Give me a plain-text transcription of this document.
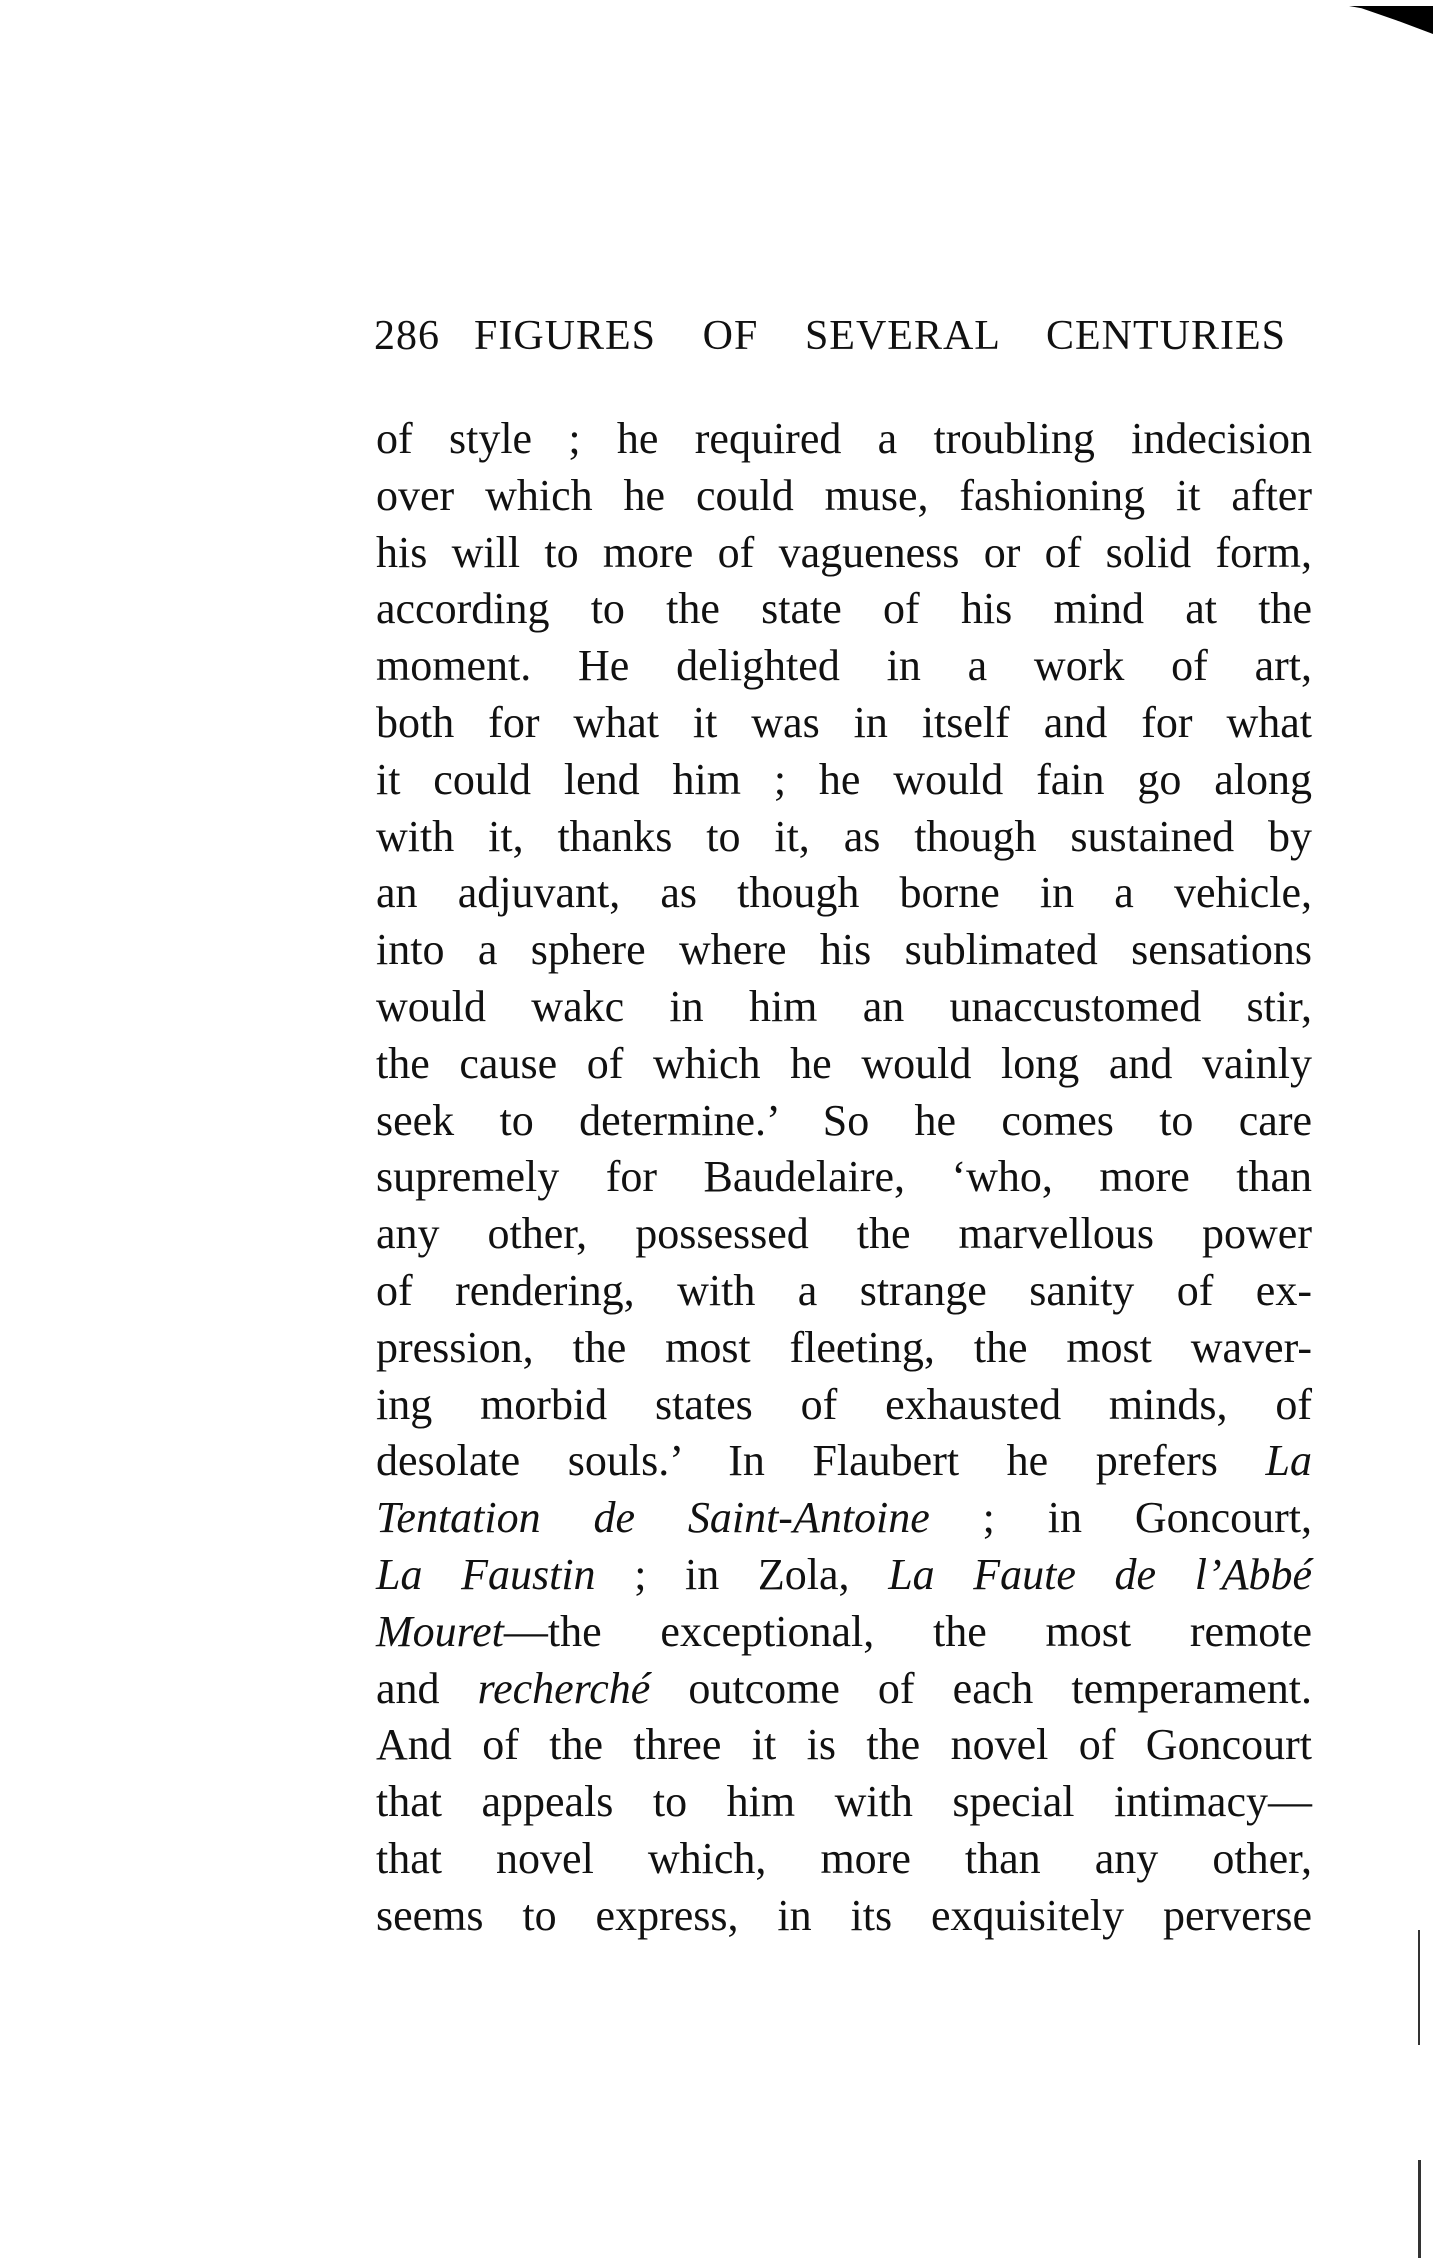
286 FIGURES OF SEVERAL CENTURIES
of style ; he required a troubling indecision
over which he could muse, fashioning it after
his will to more of vagueness or of solid form,
according to the state of his mind at the
moment. He delighted in a work of art,
both for what it was in itself and for what
it could lend him ; he would fain go along
with it, thanks to it, as though sustained by
an adjuvant, as though borne in a vehicle,
into a sphere where his sublimated sensations
would wakc in him an unaccustomed stir,
the cause of which he would long and vainly
seek to determine.’ So he comes to care
supremely for Baudelaire, ‘who, more than
any other, possessed the marvellous power
of rendering, with a strange sanity of ex-
pression, the most fleeting, the most waver-
ing morbid states of exhausted minds, of
desolate souls.’ In Flaubert he prefers La
Tentation de Saint-Antoine ; in Goncourt,
La Faustin ; in Zola, La Faute de l’Abbé
Mouret—the exceptional, the most remote
and recherché outcome of each temperament.
And of the three it is the novel of Goncourt
that appeals to him with special intimacy—
that novel which, more than any other,
seems to express, in its exquisitely perverse
